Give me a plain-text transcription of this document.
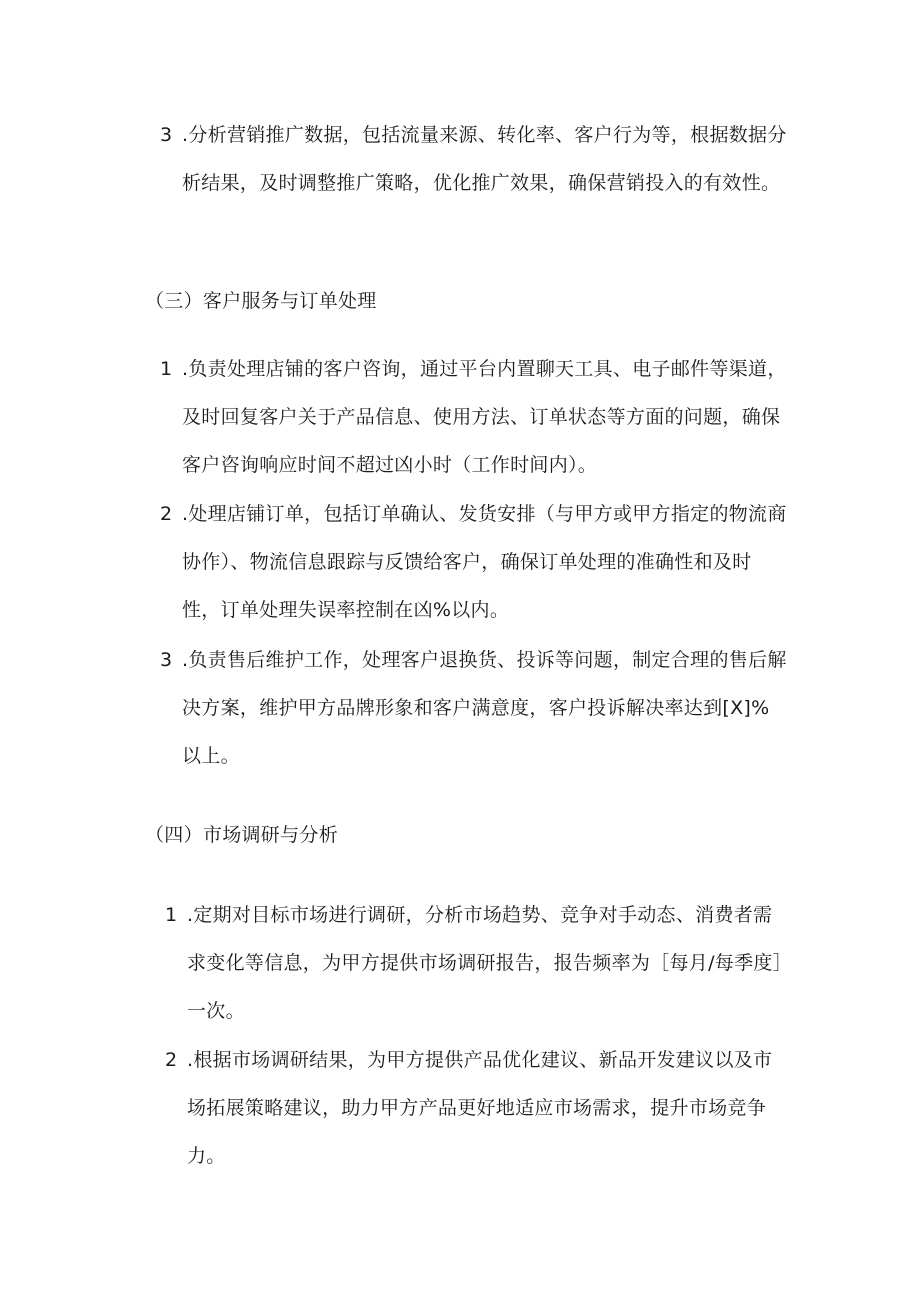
3 .分析营销推广数据，包括流量来源、转化率、客户行为等，根据数据分析结果，及时调整推广策略，优化推广效果，确保营销投入的有效性。

（三）客户服务与订单处理
1 .负责处理店铺的客户咨询，通过平台内置聊天工具、电子邮件等渠道，及时回复客户关于产品信息、使用方法、订单状态等方面的问题，确保客户咨询响应时间不超过凶小时（工作时间内）。

2 .处理店铺订单，包括订单确认、发货安排（与甲方或甲方指定的物流商协作）、物流信息跟踪与反馈给客户，确保订单处理的准确性和及时性，订单处理失误率控制在凶%以内。

3 .负责售后维护工作，处理客户退换货、投诉等问题，制定合理的售后解决方案，维护甲方品牌形象和客户满意度，客户投诉解决率达到[X]%以上。

（四）市场调研与分析
1 .定期对目标市场进行调研，分析市场趋势、竞争对手动态、消费者需求变化等信息，为甲方提供市场调研报告，报告频率为［每月/每季度］一次。

2 .根据市场调研结果，为甲方提供产品优化建议、新品开发建议以及市场拓展策略建议，助力甲方产品更好地适应市场需求，提升市场竞争力。
